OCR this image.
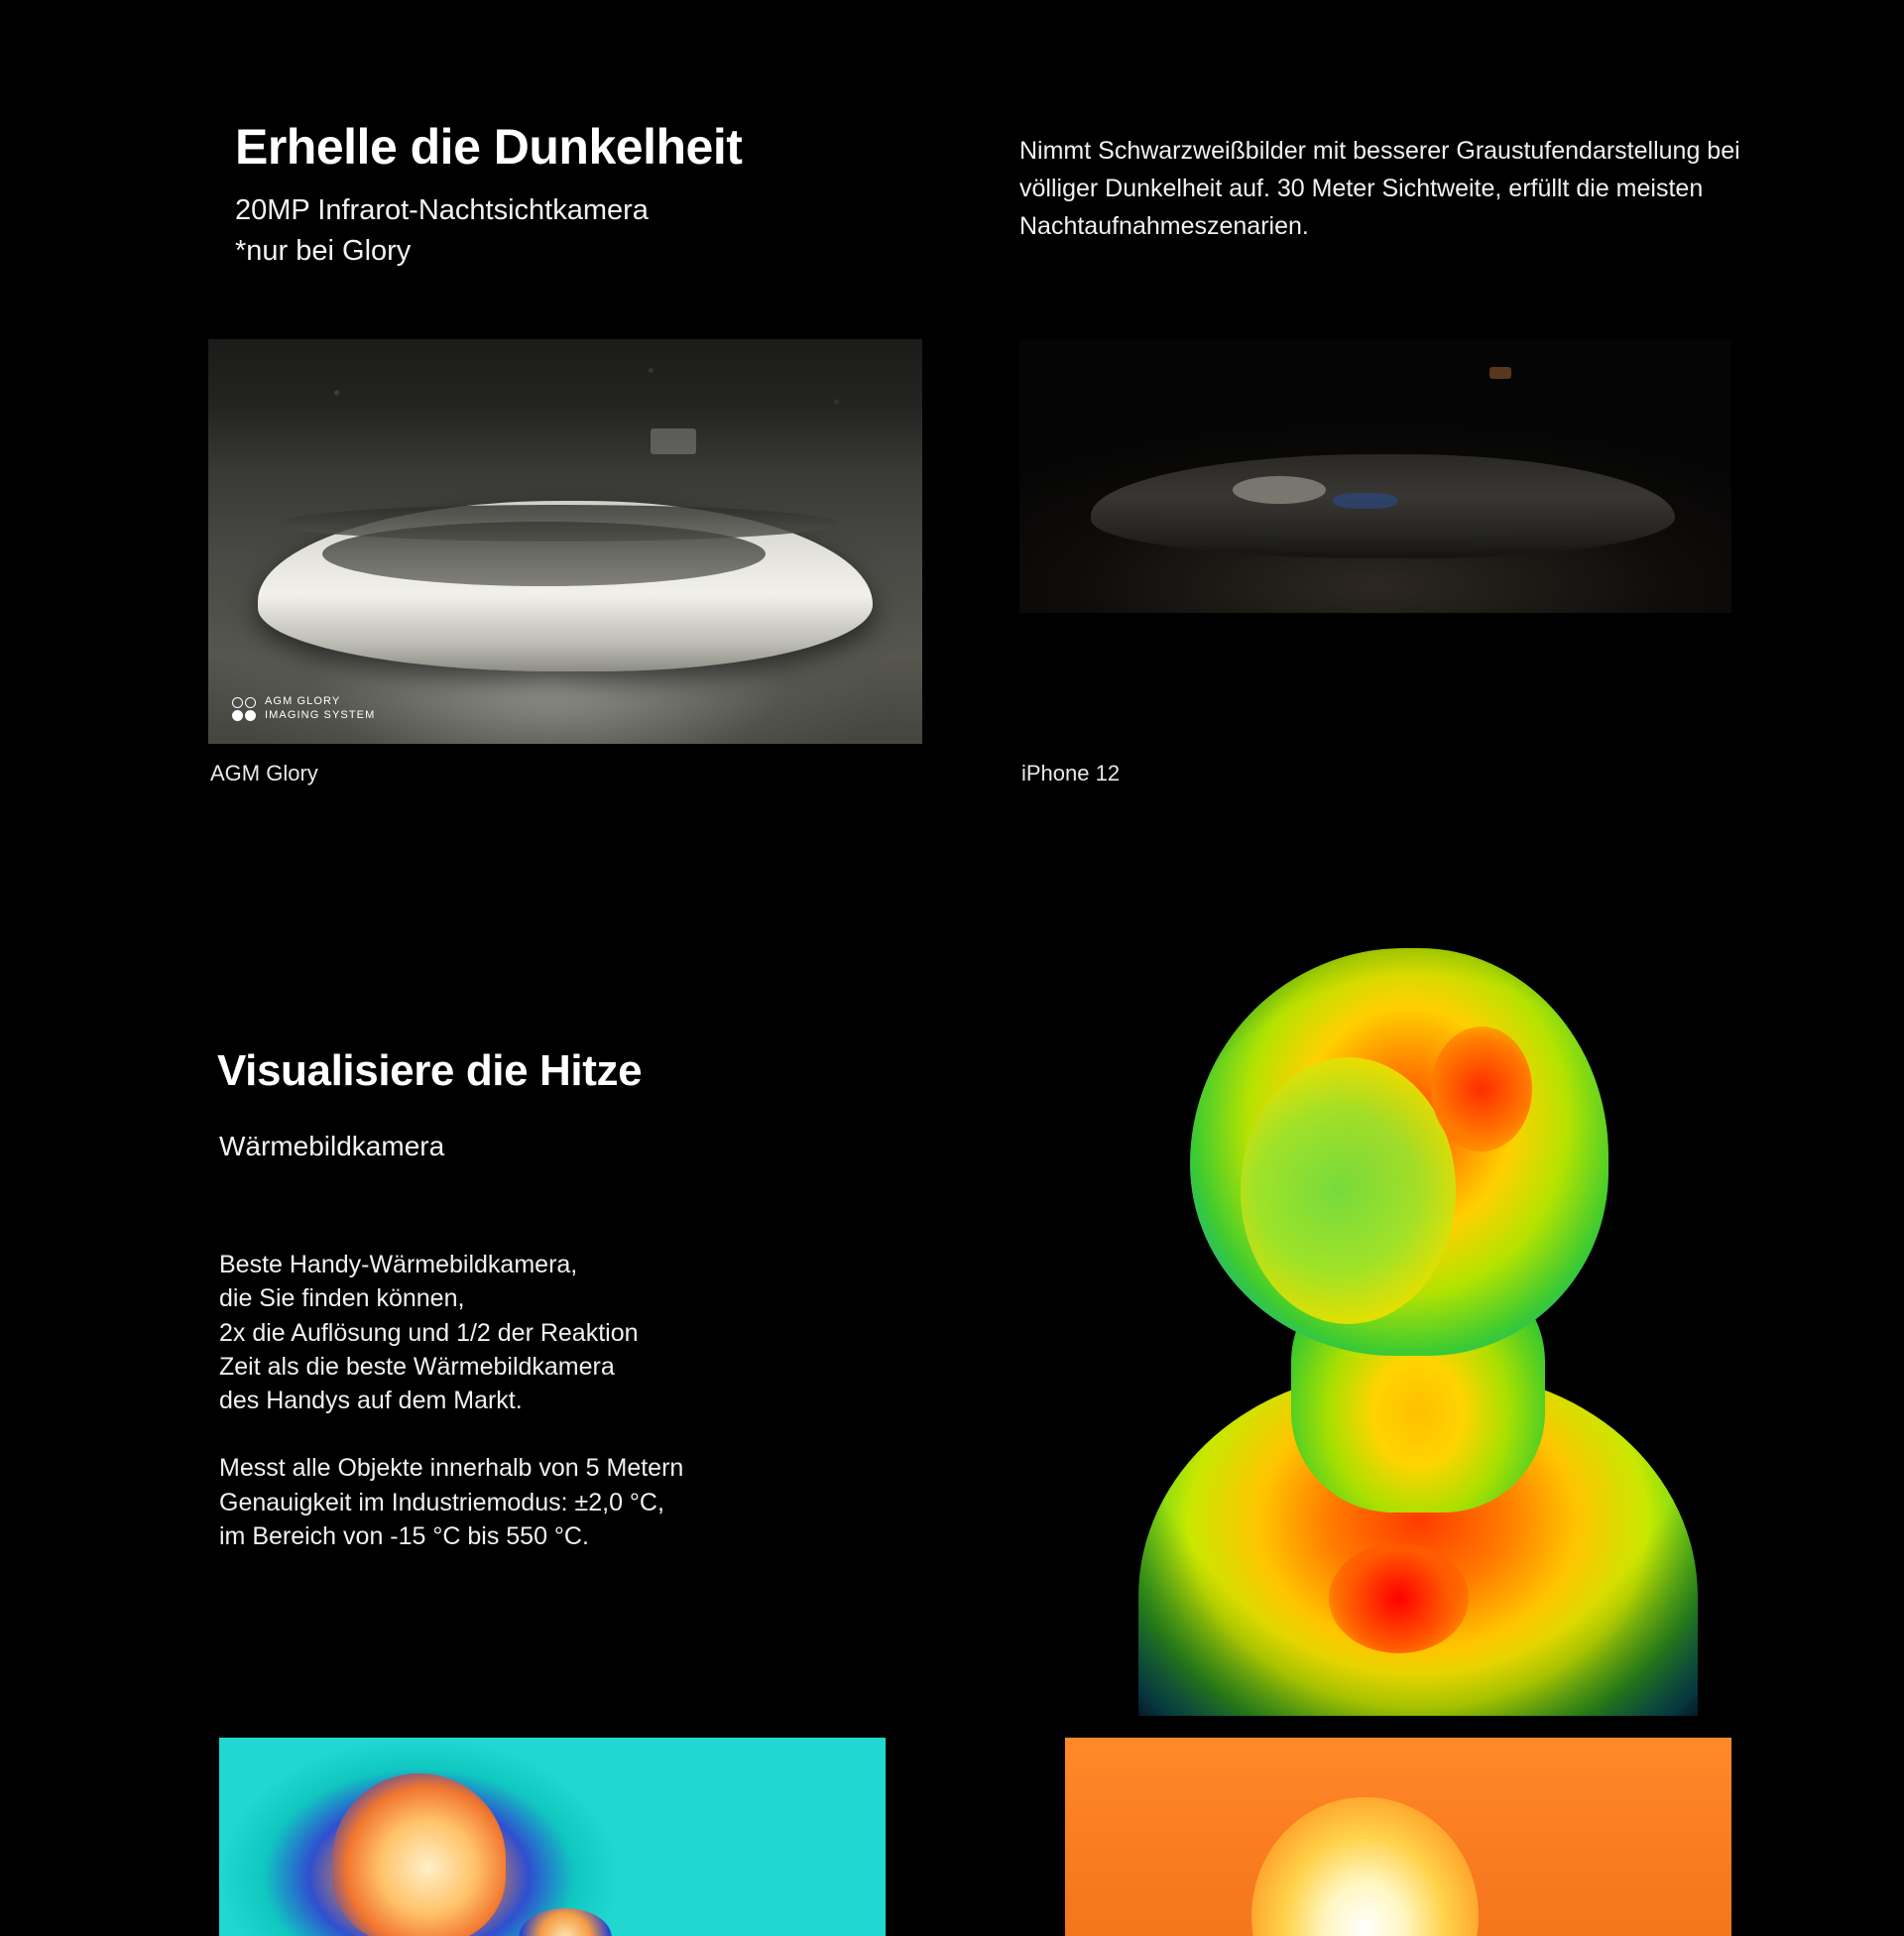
Erhelle die Dunkelheit

20MP Infrarot-Nachtsichtkamera
*nur bei Glory

Nimmt Schwarzweißbilder mit besserer Graustufendarstellung bei völliger Dunkelheit auf. 30 Meter Sichtweite, erfüllt die meisten Nachtaufnahmeszenarien.
AGM GLORY
IMAGING SYSTEM
AGM Glory	iPhone 12
Visualisiere die Hitze
Wärmebildkamera

Beste Handy-Wärmebildkamera,
die Sie finden können,
2x die Auflösung und 1/2 der Reaktion
Zeit als die beste Wärmebildkamera
des Handys auf dem Markt.

Messt alle Objekte innerhalb von 5 Metern
Genauigkeit im Industriemodus: ±2,0 °C,
im Bereich von -15 °C bis 550 °C.
